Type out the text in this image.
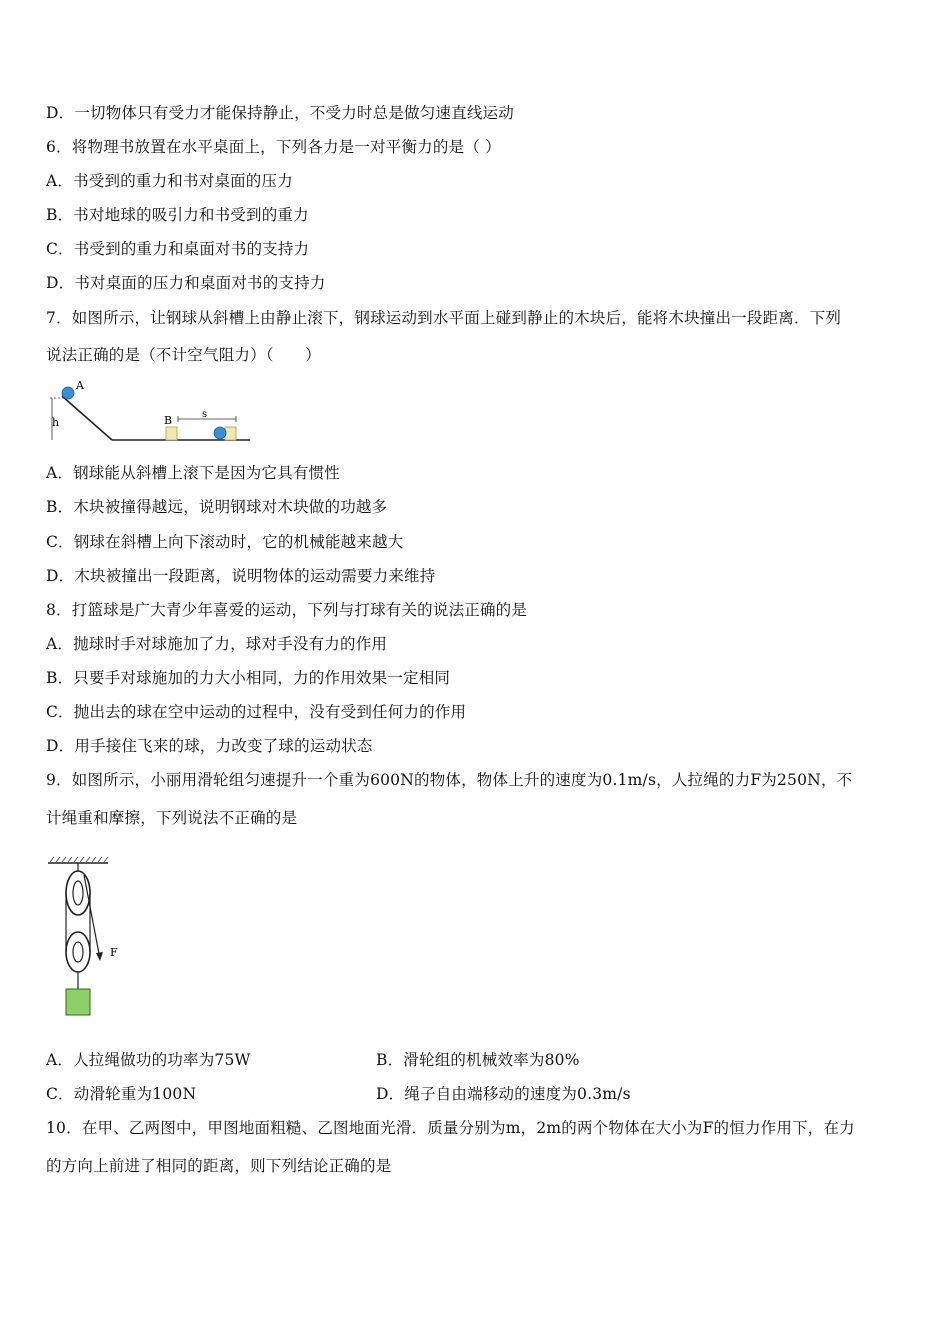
D．一切物体只有受力才能保持静止，不受力时总是做匀速直线运动
6．将物理书放置在水平桌面上，下列各力是一对平衡力的是（ ）
A．书受到的重力和书对桌面的压力
B．书对地球的吸引力和书受到的重力
C．书受到的重力和桌面对书的支持力
D．书对桌面的压力和桌面对书的支持力
7．如图所示，让钢球从斜槽上由静止滚下，钢球运动到水平面上碰到静止的木块后，能将木块撞出一段距离．下列
说法正确的是（不计空气阻力）（　　）
A
h	B	s
A．钢球能从斜槽上滚下是因为它具有惯性
B．木块被撞得越远，说明钢球对木块做的功越多
C．钢球在斜槽上向下滚动时，它的机械能越来越大
D．木块被撞出一段距离，说明物体的运动需要力来维持
8．打篮球是广大青少年喜爱的运动，下列与打球有关的说法正确的是
A．抛球时手对球施加了力，球对手没有力的作用
B．只要手对球施加的力大小相同，力的作用效果一定相同
C．抛出去的球在空中运动的过程中，没有受到任何力的作用
D．用手接住飞来的球，力改变了球的运动状态
9．如图所示，小丽用滑轮组匀速提升一个重为600N的物体，物体上升的速度为0.1m/s，人拉绳的力F为250N，不
计绳重和摩擦，下列说法不正确的是
F
A．人拉绳做功的功率为75W	B．滑轮组的机械效率为80%
C．动滑轮重为100N	D．绳子自由端移动的速度为0.3m/s
10．在甲、乙两图中，甲图地面粗糙、乙图地面光滑．质量分别为m，2m的两个物体在大小为F的恒力作用下，在力
的方向上前进了相同的距离，则下列结论正确的是
